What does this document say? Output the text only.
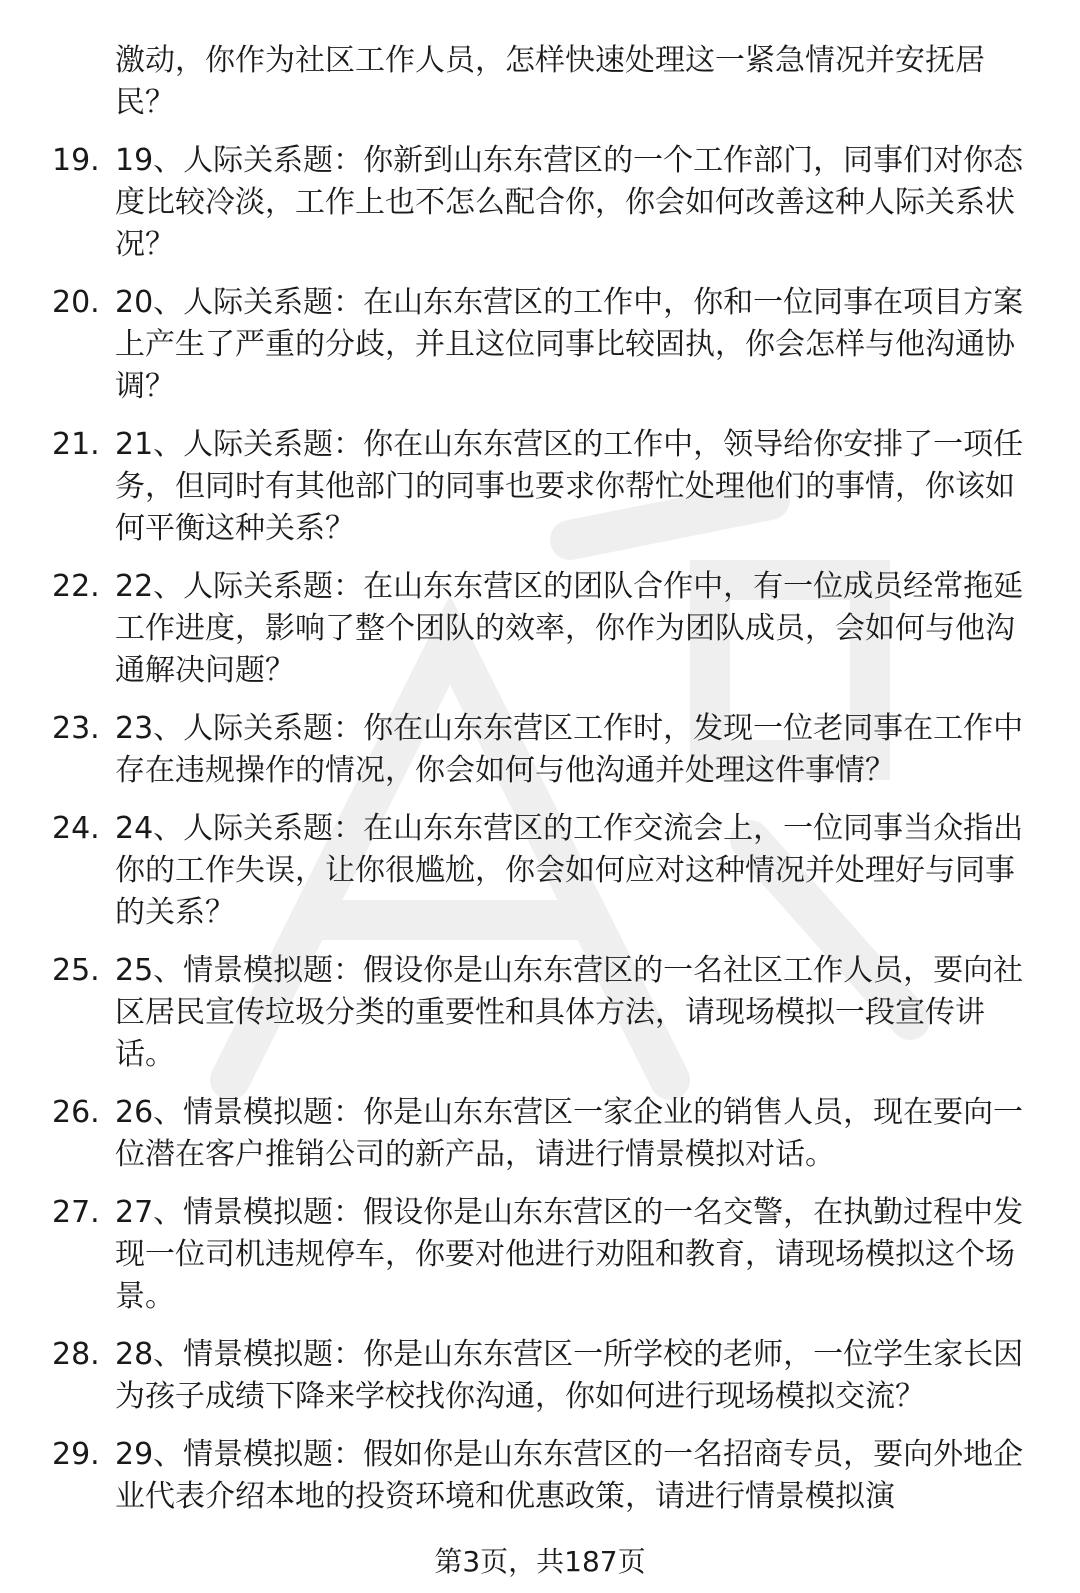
激动，你作为社区工作人员，怎样快速处理这一紧急情况并安抚居民？
19. 19、人际关系题：你新到山东东营区的一个工作部门，同事们对你态度比较冷淡，工作上也不怎么配合你，你会如何改善这种人际关系状况？
20. 20、人际关系题：在山东东营区的工作中，你和一位同事在项目方案上产生了严重的分歧，并且这位同事比较固执，你会怎样与他沟通协调？
21. 21、人际关系题：你在山东东营区的工作中，领导给你安排了一项任务，但同时有其他部门的同事也要求你帮忙处理他们的事情，你该如何平衡这种关系？
22. 22、人际关系题：在山东东营区的团队合作中，有一位成员经常拖延工作进度，影响了整个团队的效率，你作为团队成员，会如何与他沟通解决问题？
23. 23、人际关系题：你在山东东营区工作时，发现一位老同事在工作中存在违规操作的情况，你会如何与他沟通并处理这件事情？
24. 24、人际关系题：在山东东营区的工作交流会上，一位同事当众指出你的工作失误，让你很尴尬，你会如何应对这种情况并处理好与同事的关系？
25. 25、情景模拟题：假设你是山东东营区的一名社区工作人员，要向社区居民宣传垃圾分类的重要性和具体方法，请现场模拟一段宣传讲话。
26. 26、情景模拟题：你是山东东营区一家企业的销售人员，现在要向一位潜在客户推销公司的新产品，请进行情景模拟对话。
27. 27、情景模拟题：假设你是山东东营区的一名交警，在执勤过程中发现一位司机违规停车，你要对他进行劝阻和教育，请现场模拟这个场景。
28. 28、情景模拟题：你是山东东营区一所学校的老师，一位学生家长因为孩子成绩下降来学校找你沟通，你如何进行现场模拟交流？
29. 29、情景模拟题：假如你是山东东营区的一名招商专员，要向外地企业代表介绍本地的投资环境和优惠政策，请进行情景模拟演
第3页，共187页
